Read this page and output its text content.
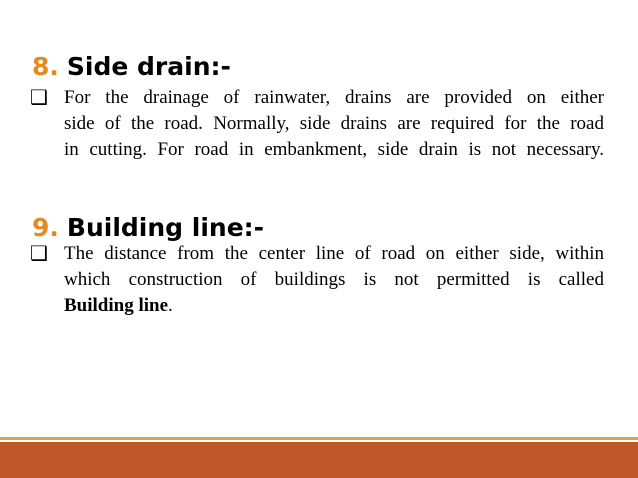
8. Side drain:-
❑ For the drainage of rainwater, drains are provided on either
side of the road. Normally, side drains are required for the road
in cutting. For road in embankment, side drain is not necessary.

9. Building line:-
❑ The distance from the center line of road on either side, within
which construction of buildings is not permitted is called
Building line.
